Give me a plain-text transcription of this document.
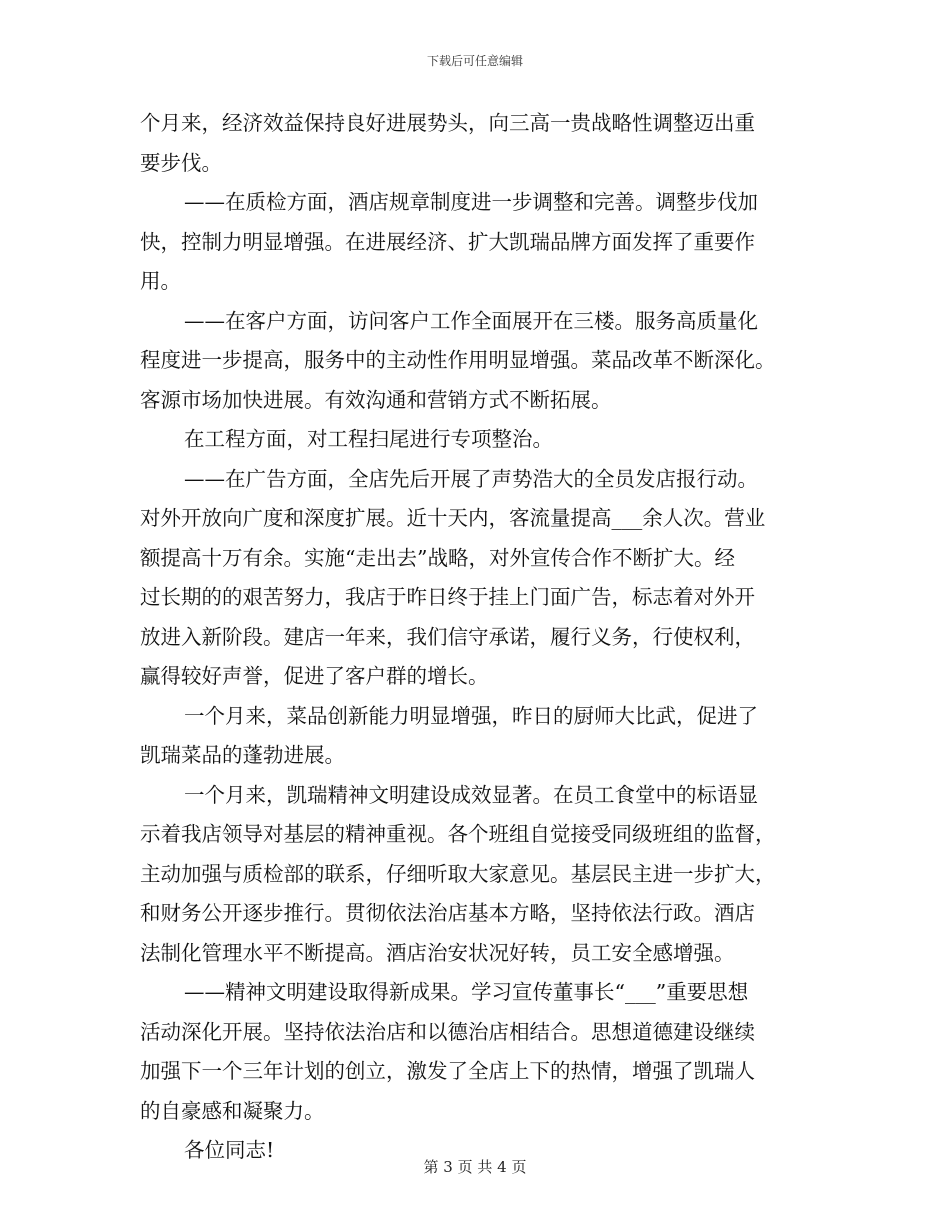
下载后可任意编辑
个月来，经济效益保持良好进展势头，向三高一贵战略性调整迈出重
要步伐。
——在质检方面，酒店规章制度进一步调整和完善。调整步伐加
快，控制力明显增强。在进展经济、扩大凯瑞品牌方面发挥了重要作
用。
——在客户方面，访问客户工作全面展开在三楼。服务高质量化
程度进一步提高，服务中的主动性作用明显增强。菜品改革不断深化。
客源市场加快进展。有效沟通和营销方式不断拓展。
在工程方面，对工程扫尾进行专项整治。
——在广告方面，全店先后开展了声势浩大的全员发店报行动。
对外开放向广度和深度扩展。近十天内，客流量提高___余人次。营业
额提高十万有余。实施“走出去”战略，对外宣传合作不断扩大。经
过长期的的艰苦努力，我店于昨日终于挂上门面广告，标志着对外开
放进入新阶段。建店一年来，我们信守承诺，履行义务，行使权利，
赢得较好声誉，促进了客户群的增长。
一个月来，菜品创新能力明显增强，昨日的厨师大比武，促进了
凯瑞菜品的蓬勃进展。
一个月来，凯瑞精神文明建设成效显著。在员工食堂中的标语显
示着我店领导对基层的精神重视。各个班组自觉接受同级班组的监督，
主动加强与质检部的联系，仔细听取大家意见。基层民主进一步扩大，
和财务公开逐步推行。贯彻依法治店基本方略，坚持依法行政。酒店
法制化管理水平不断提高。酒店治安状况好转，员工安全感增强。
——精神文明建设取得新成果。学习宣传董事长“___”重要思想
活动深化开展。坚持依法治店和以德治店相结合。思想道德建设继续
加强下一个三年计划的创立，激发了全店上下的热情，增强了凯瑞人
的自豪感和凝聚力。
各位同志!
第 3 页 共 4 页
